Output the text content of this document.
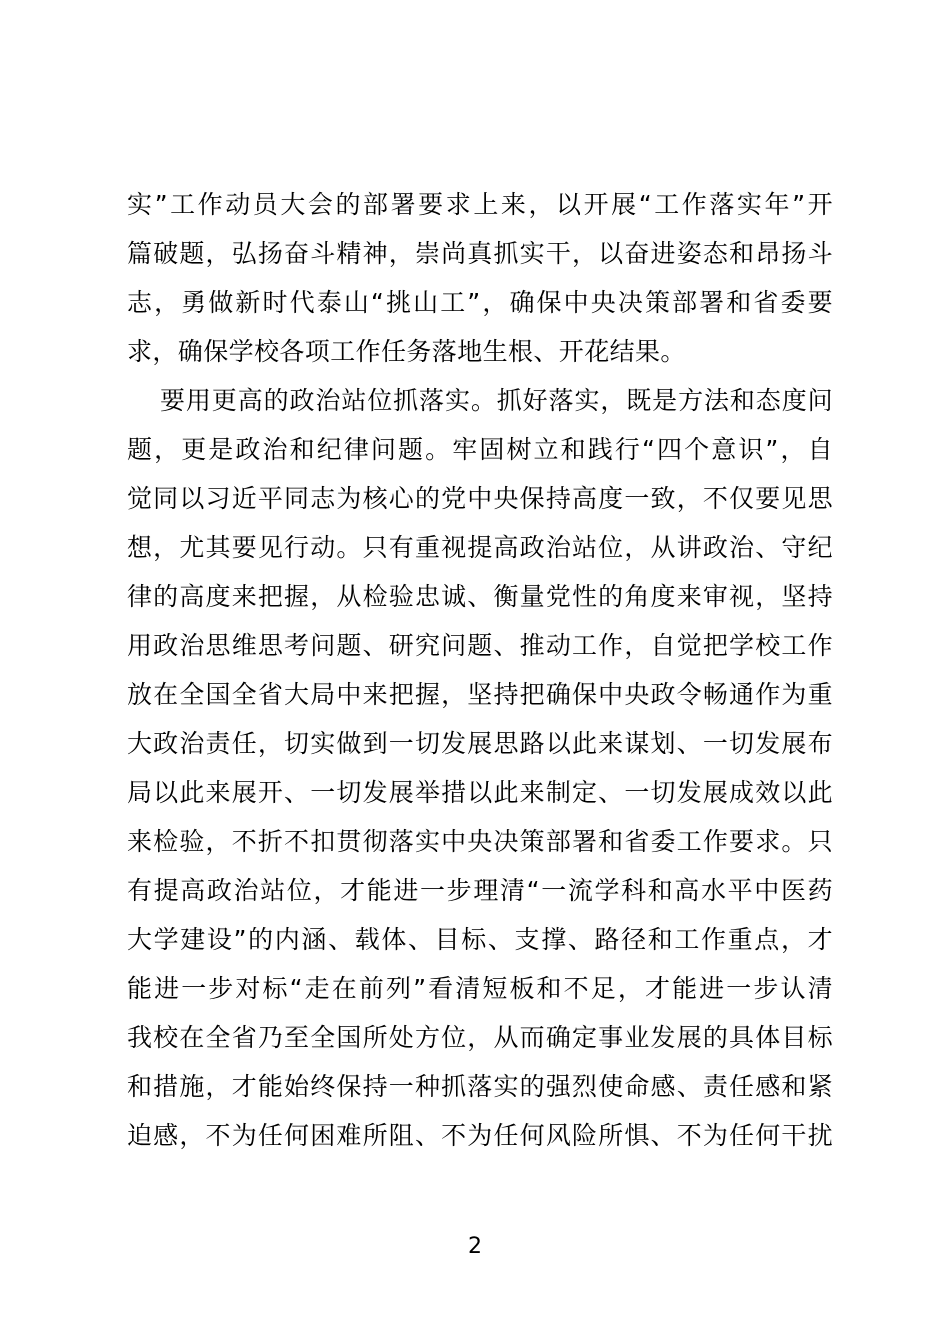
实”工作动员大会的部署要求上来，以开展“工作落实年”开
篇破题，弘扬奋斗精神，崇尚真抓实干，以奋进姿态和昂扬斗
志，勇做新时代泰山“挑山工”，确保中央决策部署和省委要
求，确保学校各项工作任务落地生根、开花结果。
要用更高的政治站位抓落实。抓好落实，既是方法和态度问
题，更是政治和纪律问题。牢固树立和践行“四个意识”，自
觉同以习近平同志为核心的党中央保持高度一致，不仅要见思
想，尤其要见行动。只有重视提高政治站位，从讲政治、守纪
律的高度来把握，从检验忠诚、衡量党性的角度来审视，坚持
用政治思维思考问题、研究问题、推动工作，自觉把学校工作
放在全国全省大局中来把握，坚持把确保中央政令畅通作为重
大政治责任，切实做到一切发展思路以此来谋划、一切发展布
局以此来展开、一切发展举措以此来制定、一切发展成效以此
来检验，不折不扣贯彻落实中央决策部署和省委工作要求。只
有提高政治站位，才能进一步理清“一流学科和高水平中医药
大学建设”的内涵、载体、目标、支撑、路径和工作重点，才
能进一步对标“走在前列”看清短板和不足，才能进一步认清
我校在全省乃至全国所处方位，从而确定事业发展的具体目标
和措施，才能始终保持一种抓落实的强烈使命感、责任感和紧
迫感，不为任何困难所阻、不为任何风险所惧、不为任何干扰
2
